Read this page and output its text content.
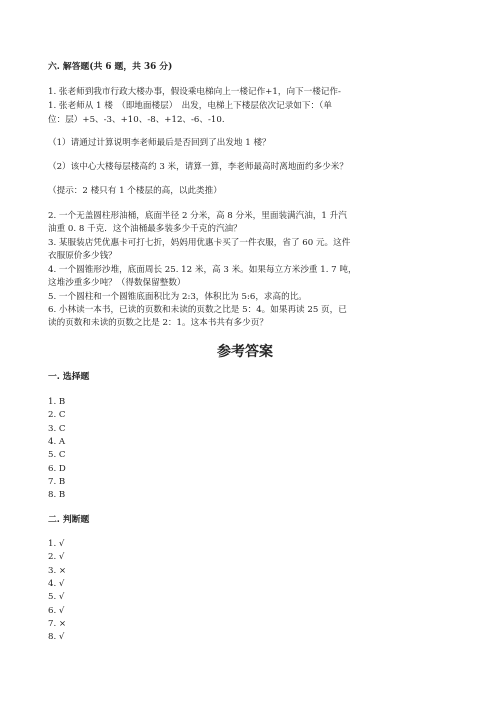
六. 解答题(共 6 题，共 36 分)
1. 张老师到我市行政大楼办事，假设乘电梯向上一楼记作+1，向下一楼记作-
1. 张老师从 1 楼　（即地面楼层）　出发，电梯上下楼层依次记录如下：（单
位：层）+5、-3、+10、-8、+12、-6、-10.
（1）请通过计算说明李老师最后是否回到了出发地 1 楼？
（2）该中心大楼每层楼高约 3 米，请算一算，李老师最高时离地面约多少米？
（提示：2 楼只有 1 个楼层的高，以此类推）
2. 一个无盖圆柱形油桶，底面半径 2 分米，高 8 分米，里面装满汽油，1 升汽
油重 0. 8 千克．这个油桶最多装多少千克的汽油？
3. 某服装店凭优惠卡可打七折，妈妈用优惠卡买了一件衣服，省了 60 元。这件
衣服原价多少钱？
4. 一个圆锥形沙堆，底面周长 25. 12 米，高 3 米。如果每立方米沙重 1. 7 吨，
这堆沙重多少吨？（得数保留整数）
5. 一个圆柱和一个圆锥底面积比为 2:3，体积比为 5:6，求高的比。
6. 小林读一本书，已读的页数和未读的页数之比是 5：4。如果再读 25 页，已
读的页数和未读的页数之比是 2：1。这本书共有多少页？
参考答案
一. 选择题
1. B
2. C
3. C
4. A
5. C
6. D
7. B
8. B
二. 判断题
1. √
2. √
3. ×
4. √
5. √
6. √
7. ×
8. √
